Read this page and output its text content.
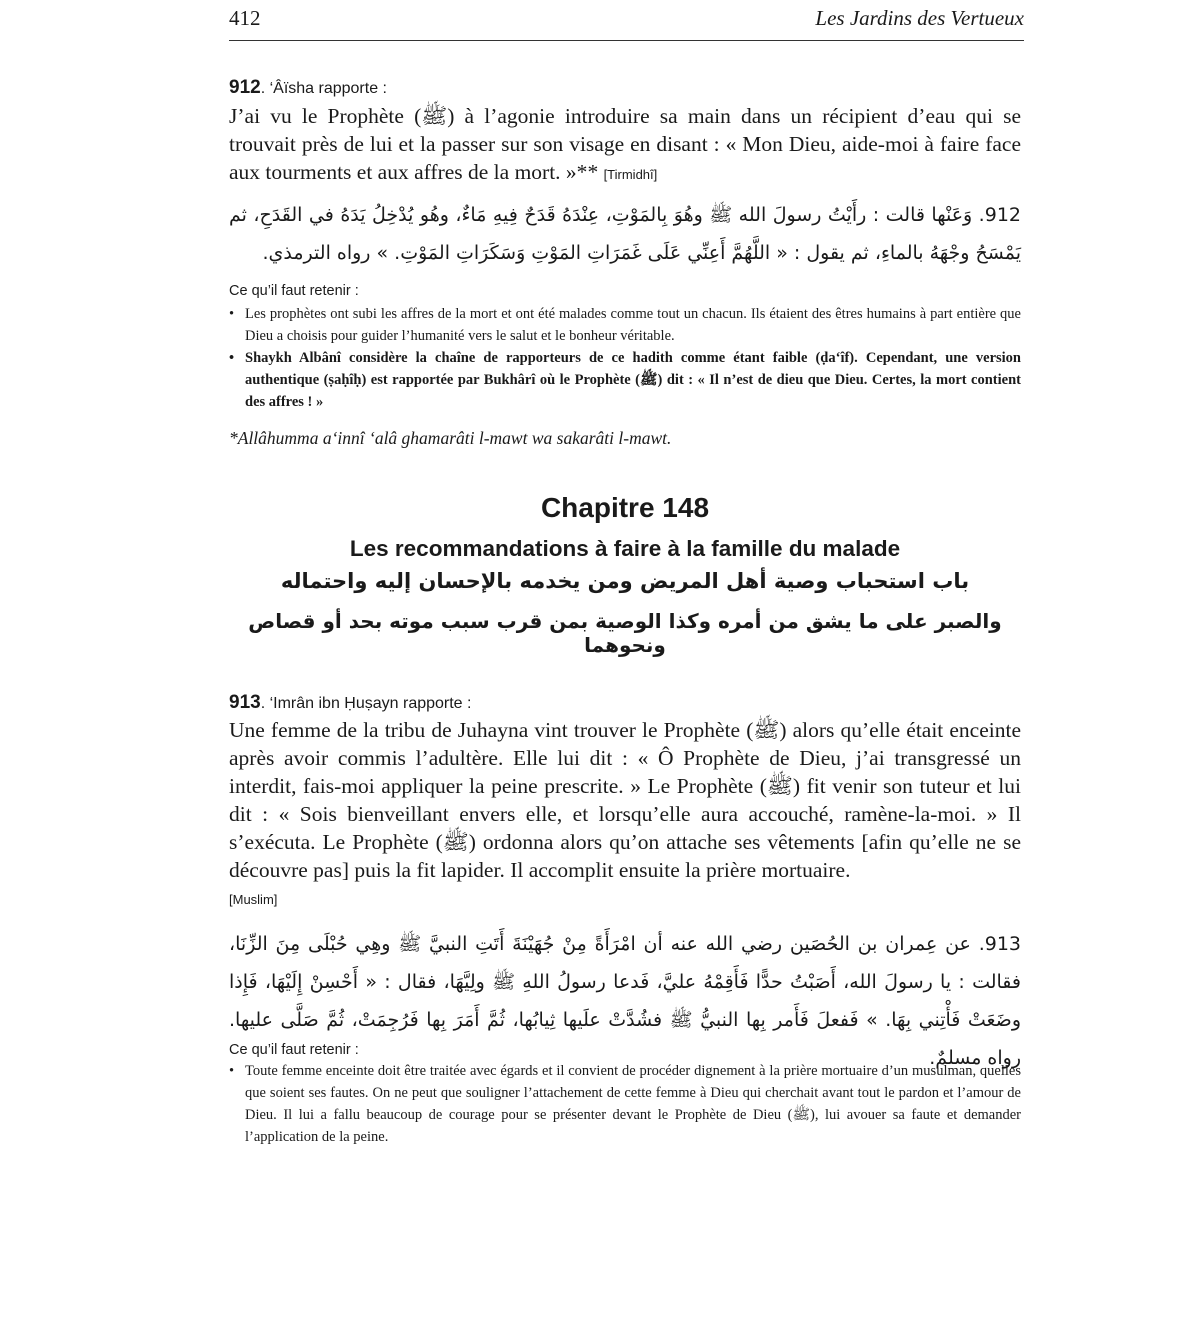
412	Les Jardins des Vertueux
912. ‘Âïsha rapporte :
J’ai vu le Prophète (ﷺ) à l’agonie introduire sa main dans un récipient d’eau qui se trouvait près de lui et la passer sur son visage en disant : « Mon Dieu, aide-moi à faire face aux tourments et aux affres de la mort. »** [Tirmidhî]
912. وَعَنْها قالت : رأَيْتُ رسولَ الله ﷺ وهُوَ بِالمَوْتِ، عِنْدَهُ قَدَحٌ فِيهِ مَاءٌ، وهُو يُدْخِلُ يَدَهُ في القَدَحِ، ثم يَمْسَحُ وجْهَهُ بالماءِ، ثم يقول : « اللَّهُمَّ أَعِنِّي عَلَى غَمَرَاتِ المَوْتِ وَسَكَرَاتِ المَوْتِ. » رواه الترمذي.
Ce qu’il faut retenir :
• Les prophètes ont subi les affres de la mort et ont été malades comme tout un chacun. Ils étaient des êtres humains à part entière que Dieu a choisis pour guider l’humanité vers le salut et le bonheur véritable.
• Shaykh Albânî considère la chaîne de rapporteurs de ce hadith comme étant faible (ḍa‘îf). Cependant, une version authentique (ṣaḥîḥ) est rapportée par Bukhârî où le Prophète (ﷺ) dit : « Il n’est de dieu que Dieu. Certes, la mort contient des affres ! »
*Allâhumma a‘innî ‘alâ ghamarâti l-mawt wa sakarâti l-mawt.
Chapitre 148
Les recommandations à faire à la famille du malade
باب استحباب وصية أهل المريض ومن يخدمه بالإحسان إليه واحتماله
والصبر على ما يشق من أمره وكذا الوصية بمن قرب سبب موته بحد أو قصاص ونحوهما
913. ‘Imrân ibn Ḥuṣayn rapporte :
Une femme de la tribu de Juhayna vint trouver le Prophète (ﷺ) alors qu’elle était enceinte après avoir commis l’adultère. Elle lui dit : « Ô Prophète de Dieu, j’ai transgressé un interdit, fais-moi appliquer la peine prescrite. » Le Prophète (ﷺ) fit venir son tuteur et lui dit : « Sois bienveillant envers elle, et lorsqu’elle aura accouché, ramène-la-moi. » Il s’exécuta. Le Prophète (ﷺ) ordonna alors qu’on attache ses vêtements [afin qu’elle ne se découvre pas] puis la fit lapider. Il accomplit ensuite la prière mortuaire.
[Muslim]
913. عن عِمران بن الحُصَين رضي الله عنه أن امْرَأَةً مِنْ جُهَيْنَةَ أَتَتِ النبيَّ ﷺ وهِي حُبْلَى مِنَ الزِّنَا، فقالت : يا رسولَ الله، أَصَبْتُ حدًّا فَأَقِمْهُ عليَّ، فَدعا رسولُ اللهِ ﷺ ولِيَّهَا، فقال : « أَحْسِنْ إِلَيْهَا، فَإِذا وضَعَتْ فَأْتِني بِهَا. » فَفعلَ فَأَمر بِها النبيُّ ﷺ فشُدَّتْ علَيها ثِيابُها، ثُمَّ أَمَرَ بِها فَرُجِمَتْ، ثُمَّ صَلَّى عليها. رواه مسلمٌ.
Ce qu’il faut retenir :
• Toute femme enceinte doit être traitée avec égards et il convient de procéder dignement à la prière mortuaire d’un musulman, quelles que soient ses fautes. On ne peut que souligner l’attachement de cette femme à Dieu qui cherchait avant tout le pardon et l’amour de Dieu. Il lui a fallu beaucoup de courage pour se présenter devant le Prophète de Dieu (ﷺ), lui avouer sa faute et demander l’application de la peine.
